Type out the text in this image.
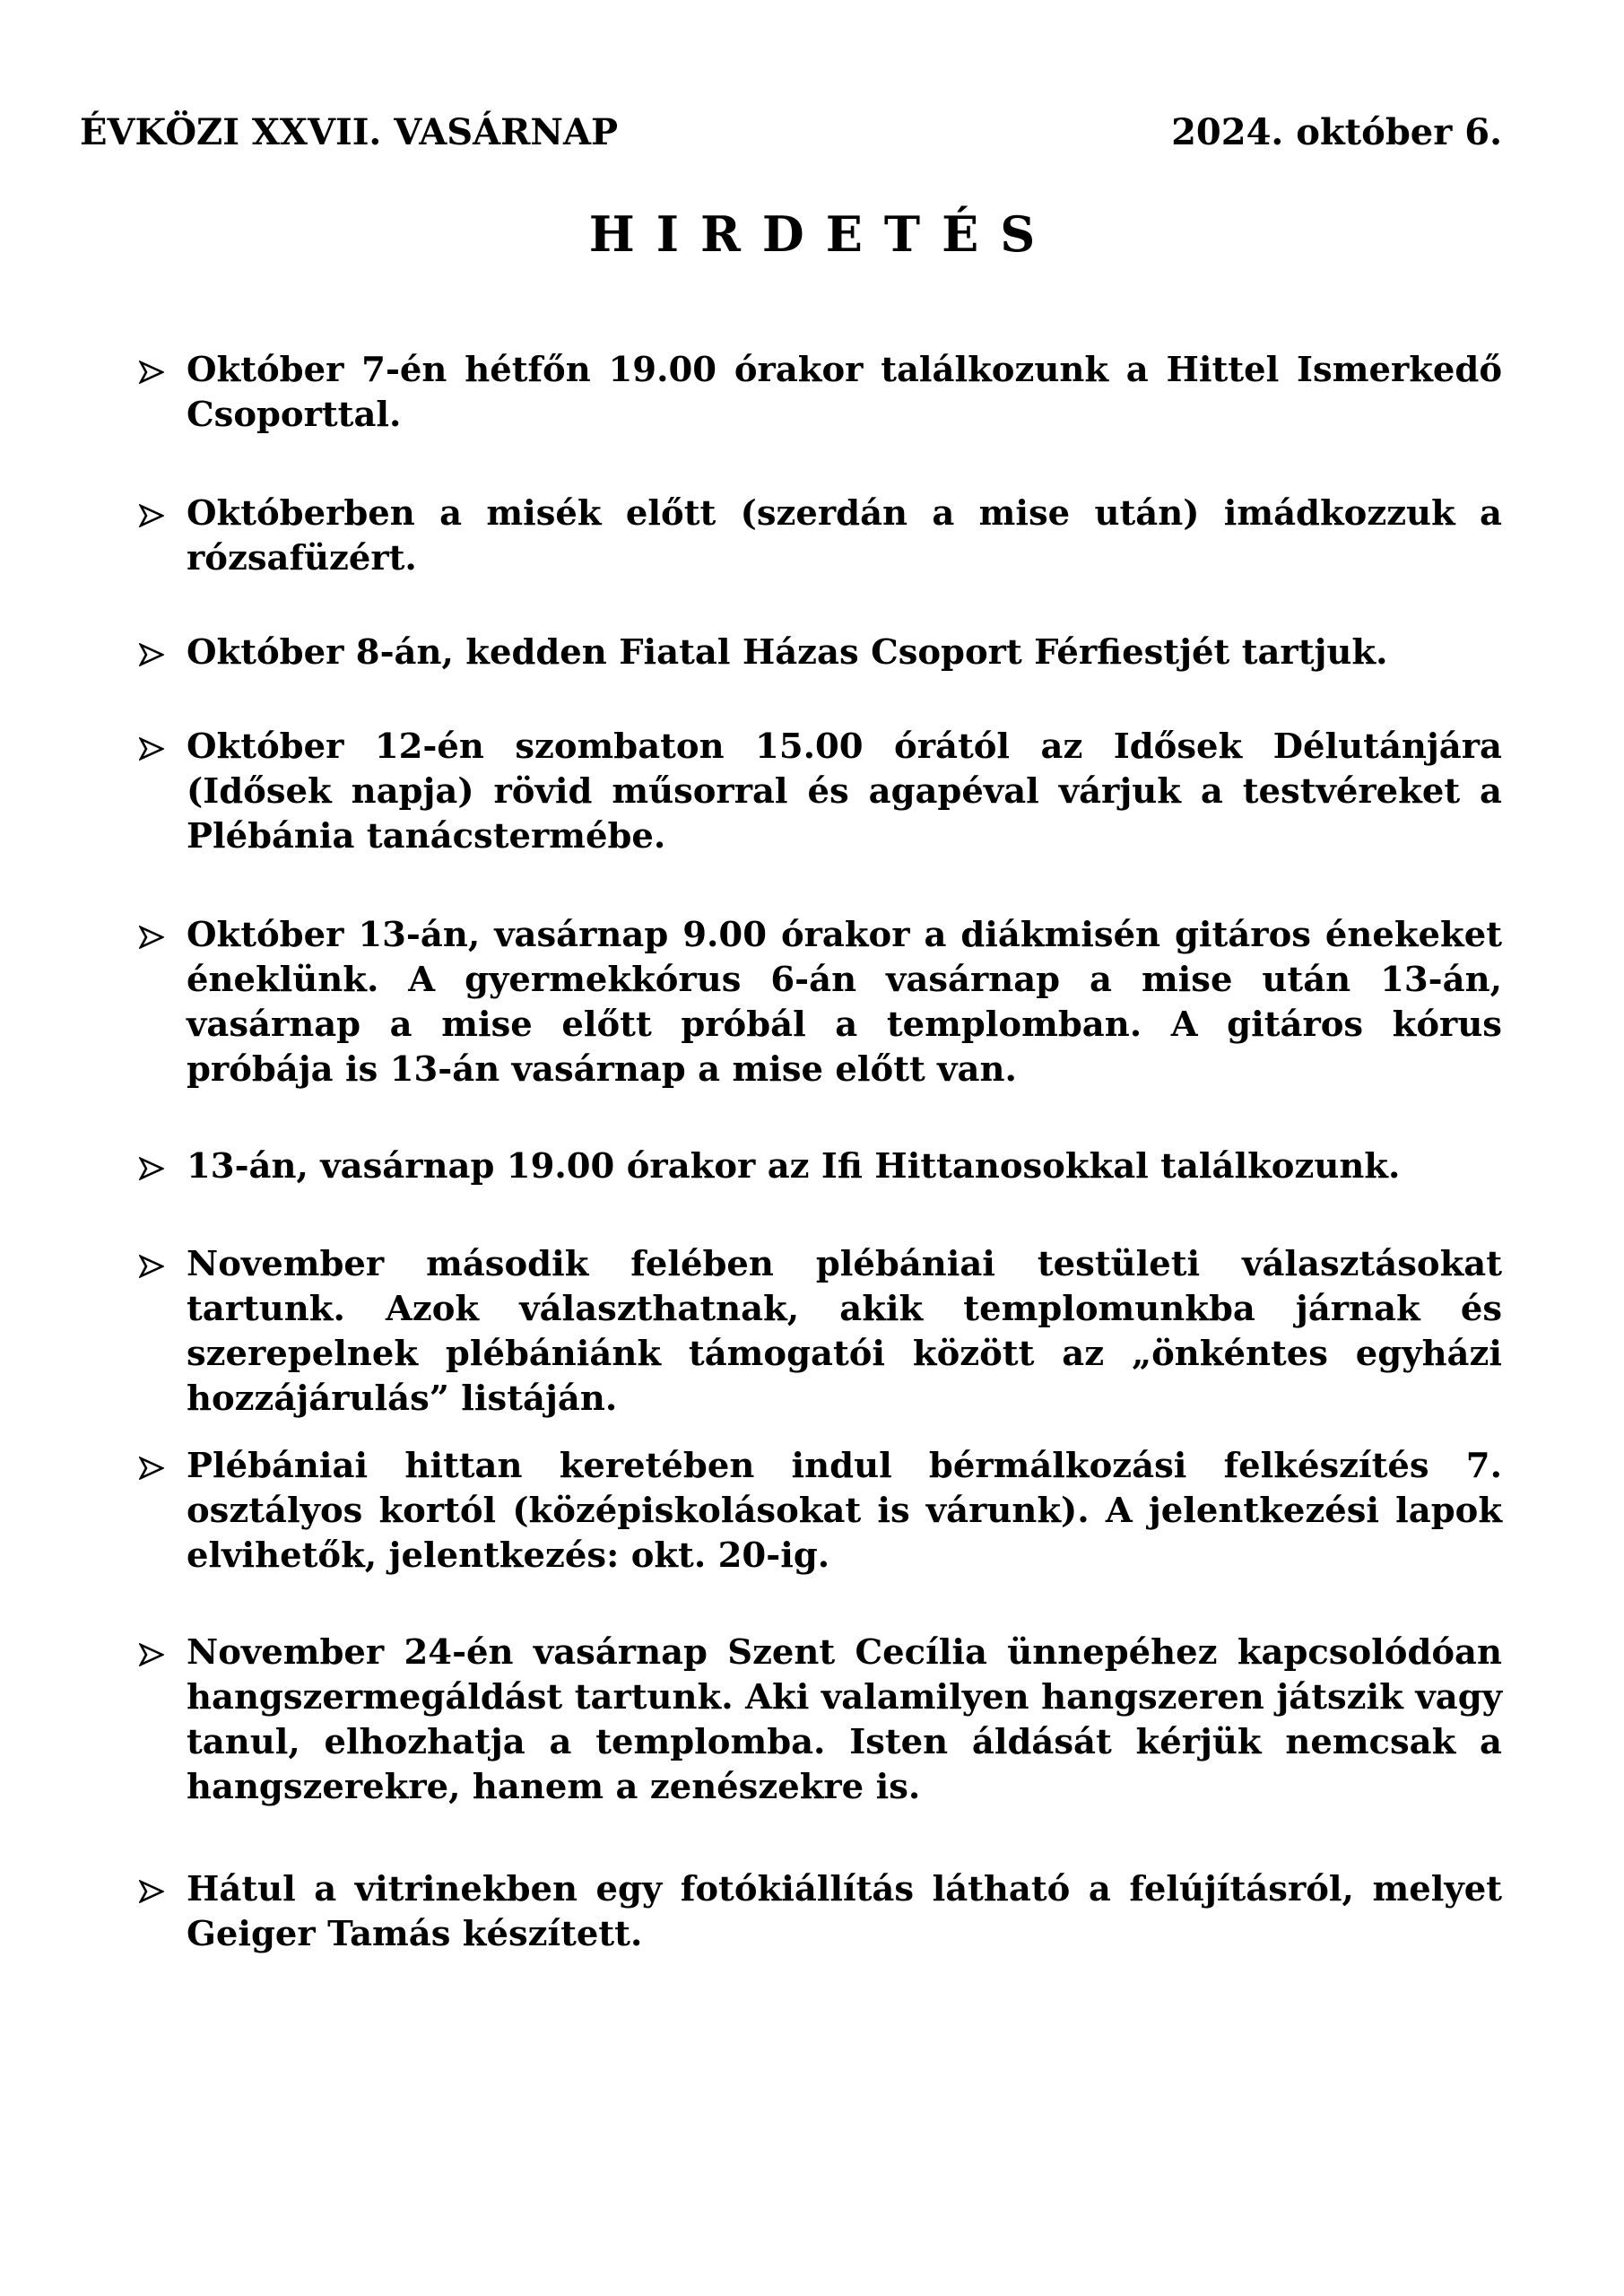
ÉVKÖZI XXVII. VASÁRNAP	2024. október 6.
HIRDETÉS
Október 7-én hétfőn 19.00 órakor találkozunk a Hittel Ismerkedő Csoporttal.
Októberben a misék előtt (szerdán a mise után) imádkozzuk a rózsafüzért.
Október 8-án, kedden Fiatal Házas Csoport Férfiestjét tartjuk.
Október 12-én szombaton 15.00 órától az Idősek Délutánjára (Idősek napja) rövid műsorral és agapéval várjuk a testvéreket a Plébánia tanácstermébe.
Október 13-án, vasárnap 9.00 órakor a diákmisén gitáros énekeket éneklünk. A gyermekkórus 6-án vasárnap a mise után 13-án, vasárnap a mise előtt próbál a templomban. A gitáros kórus próbája is 13-án vasárnap a mise előtt van.
13-án, vasárnap 19.00 órakor az Ifi Hittanosokkal találkozunk.
November második felében plébániai testületi választásokat tartunk. Azok választhatnak, akik templomunkba járnak és szerepelnek plébániánk támogatói között az „önkéntes egyházi hozzájárulás” listáján.
Plébániai hittan keretében indul bérmálkozási felkészítés 7. osztályos kortól (középiskolásokat is várunk). A jelentkezési lapok elvihetők, jelentkezés: okt. 20-ig.
November 24-én vasárnap Szent Cecília ünnepéhez kapcsolódóan hangszermegáldást tartunk. Aki valamilyen hangszeren játszik vagy tanul, elhozhatja a templomba. Isten áldását kérjük nemcsak a hangszerekre, hanem a zenészekre is.
Hátul a vitrinekben egy fotókiállítás látható a felújításról, melyet Geiger Tamás készített.
